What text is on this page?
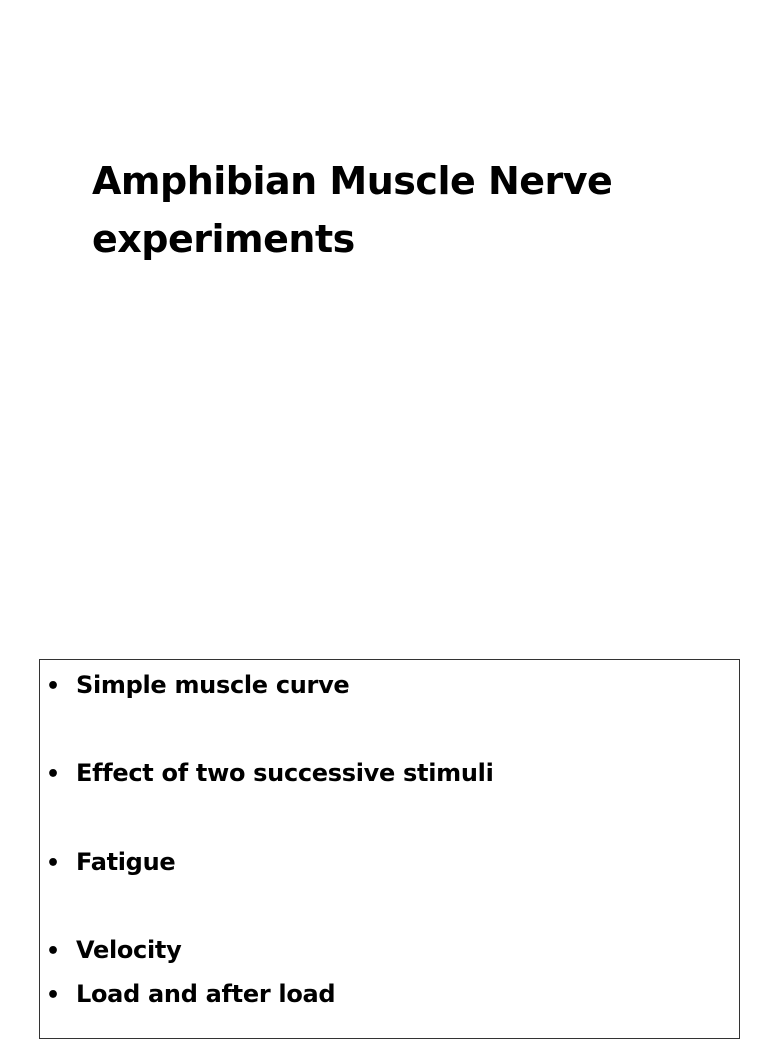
Amphibian Muscle Nerve experiments
• Simple muscle curve
• Effect of two successive stimuli
• Fatigue
• Velocity
• Load and after load
